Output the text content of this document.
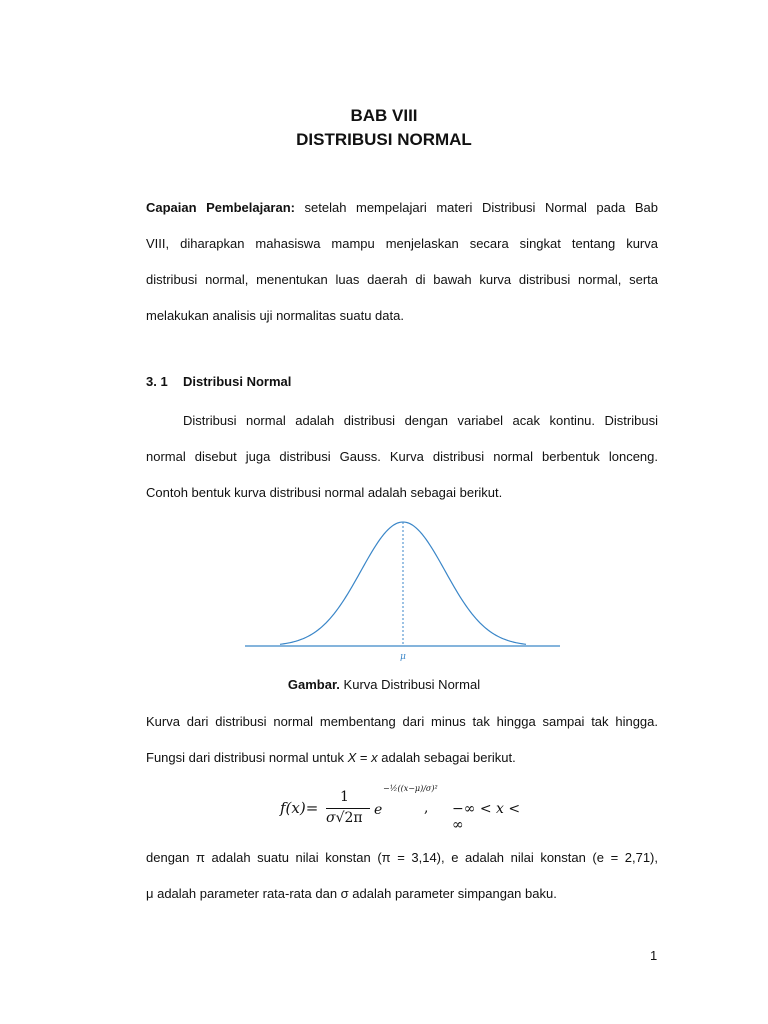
BAB VIII
DISTRIBUSI NORMAL
Capaian Pembelajaran: setelah mempelajari materi Distribusi Normal pada Bab
VIII, diharapkan mahasiswa mampu menjelaskan secara singkat tentang kurva
distribusi normal, menentukan luas daerah di bawah kurva distribusi normal, serta
melakukan analisis uji normalitas suatu data.
3. 1 Distribusi Normal
Distribusi normal adalah distribusi dengan variabel acak kontinu. Distribusi
normal disebut juga distribusi Gauss. Kurva distribusi normal berbentuk lonceng.
Contoh bentuk kurva distribusi normal adalah sebagai berikut.
μ
Gambar. Kurva Distribusi Normal
Kurva dari distribusi normal membentang dari minus tak hingga sampai tak hingga.
Fungsi dari distribusi normal untuk X = x adalah sebagai berikut.
f(x)=
1
σ√2π e
−½((x−μ)/σ)²
, −∞ < x < ∞
dengan π adalah suatu nilai konstan (π = 3,14), e adalah nilai konstan (e = 2,71),
μ adalah parameter rata-rata dan σ adalah parameter simpangan baku.
1
